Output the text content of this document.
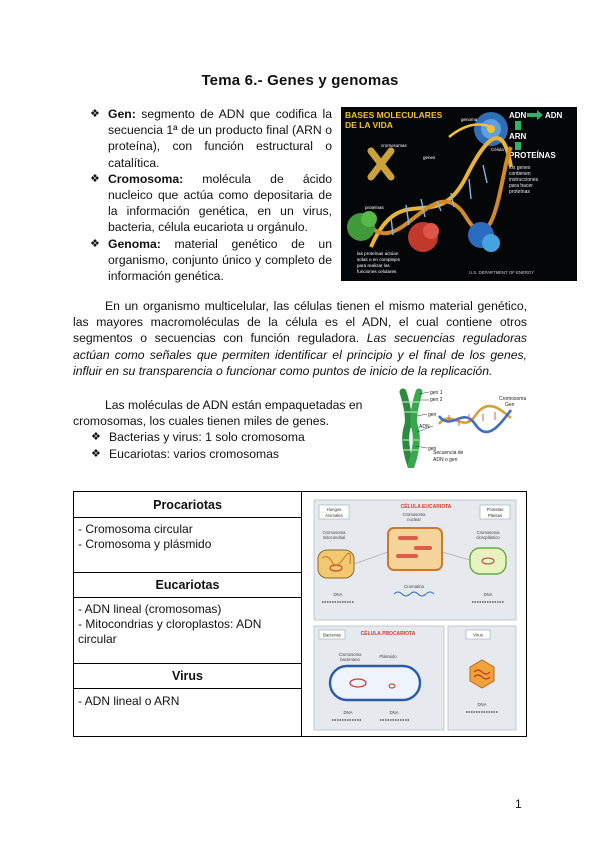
Tema 6.- Genes y genomas
❖ Gen: segmento de ADN que codifica la secuencia 1ª de un producto final (ARN o proteína), con función estructural o catalítica.
❖ Cromosoma: molécula de ácido nucleico que actúa como depositaria de la información genética, en un virus, bacteria, célula eucariota u orgánulo.
❖ Genoma: material genético de un organismo, conjunto único y completo de información genética.
BASES MOLECULARES
DE LA VIDA
ADN ADN
ARN
PROTEÍNAS
los genes
contienen
instrucciones
para hacer
proteínas
genoma
Célula
cromosomas
genes
proteínas
las proteínas actúan
solas o en complejos
para realizar las
funciones celulares	U.S. DEPARTMENT OF ENERGY
En un organismo multicelular, las células tienen el mismo material genético, las mayores macromoléculas de la célula es el ADN, el cual contiene otros segmentos o secuencias con función reguladora. Las secuencias reguladoras actúan como señales que permiten identificar el principio y el final de los genes, influir en su transparencia o funcionar como puntos de inicio de la replicación.
Las moléculas de ADN están empaquetadas en cromosomas, los cuales tienen miles de genes.
❖ Bacterias y virus: 1 solo cromosoma
❖ Eucariotas: varios cromosomas
gen 1
gen 2
gen
ADN
gen
Cromosoma
Gen
Secuencia de
ADN o gen
Procariotas
- Cromosoma circular
- Cromosoma y plásmido
Eucariotas
- ADN lineal (cromosomas)
- Mitocondrias y cloroplastos: ADN circular
Virus
- ADN lineal o ARN
CÉLULA EUCARIOTA
Hongos
Animales
Protistas
Plantas
Cromosoma
mitocondrial
Cromosoma
nuclear
Cromosoma
cloroplástico
Cromatina
DNA	DNA
CÉLULA PROCARIOTA
Bacterias
Cromosoma
bacteriano
Plásmido
DNA	DNA
Virus
DNA
1
